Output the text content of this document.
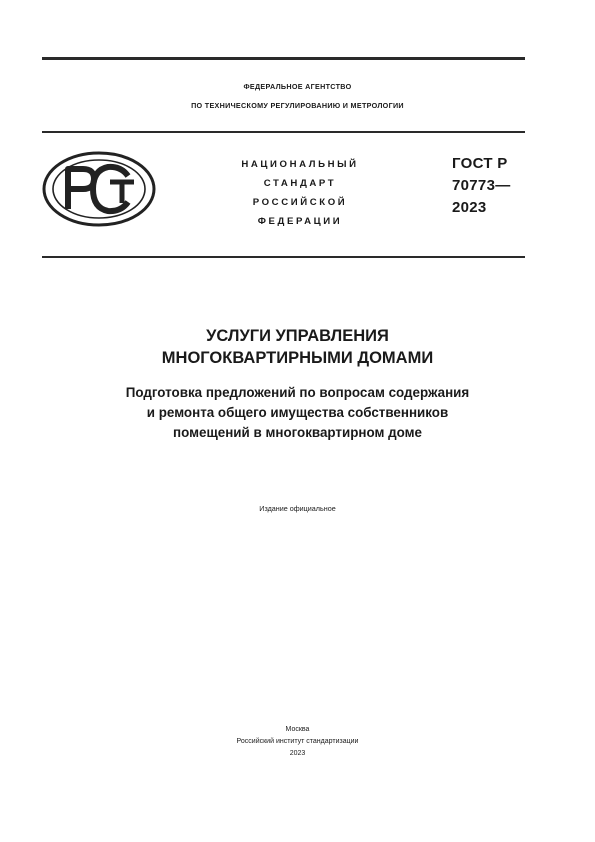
ФЕДЕРАЛЬНОЕ АГЕНТСТВО
ПО ТЕХНИЧЕСКОМУ РЕГУЛИРОВАНИЮ И МЕТРОЛОГИИ
НАЦИОНАЛЬНЫЙ
СТАНДАРТ
РОССИЙСКОЙ
ФЕДЕРАЦИИ
ГОСТ Р
70773—
2023
УСЛУГИ УПРАВЛЕНИЯ
МНОГОКВАРТИРНЫМИ ДОМАМИ
Подготовка предложений по вопросам содержания
и ремонта общего имущества собственников
помещений в многоквартирном доме
Издание официальное
Москва
Российский институт стандартизации
2023
